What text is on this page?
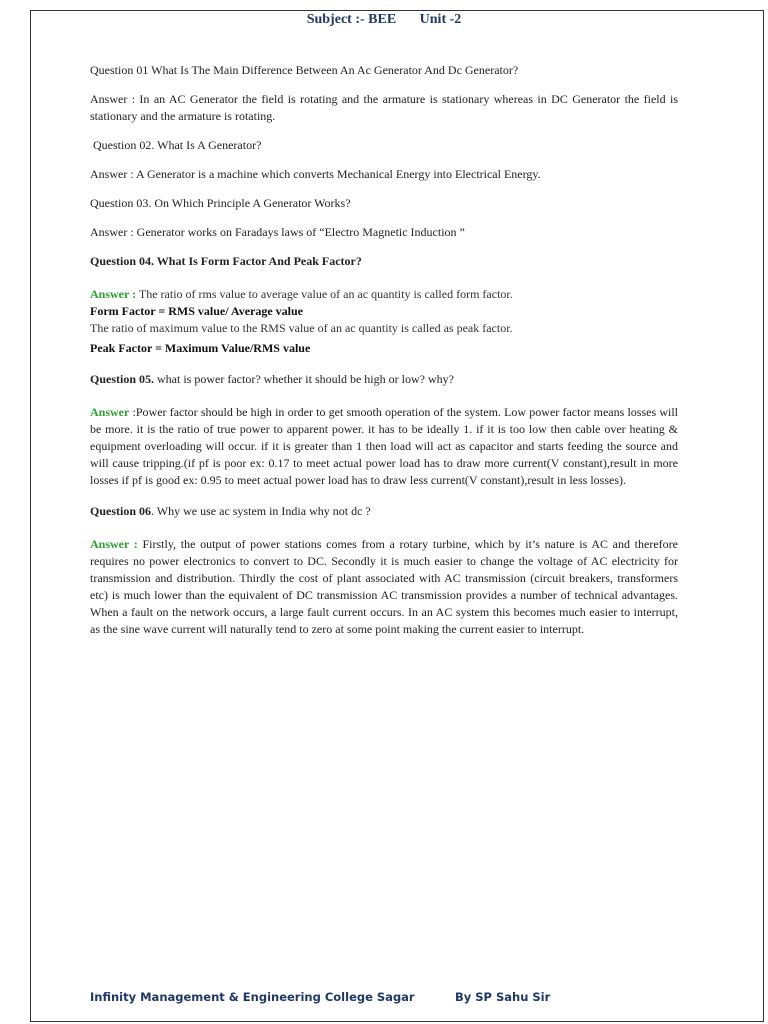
Subject :- BEE Unit -2

Question 01 What Is The Main Difference Between An Ac Generator And Dc Generator?

Answer : In an AC Generator the field is rotating and the armature is stationary whereas in DC Generator the field is stationary and the armature is rotating.

Question 02. What Is A Generator?

Answer : A Generator is a machine which converts Mechanical Energy into Electrical Energy.

Question 03. On Which Principle A Generator Works?

Answer : Generator works on Faradays laws of “Electro Magnetic Induction ”

Question 04. What Is Form Factor And Peak Factor?

Answer : The ratio of rms value to average value of an ac quantity is called form factor.
Form Factor = RMS value/ Average value
The ratio of maximum value to the RMS value of an ac quantity is called as peak factor.
Peak Factor = Maximum Value/RMS value

Question 05. what is power factor? whether it should be high or low? why?

Answer :Power factor should be high in order to get smooth operation of the system. Low power factor means losses will be more. it is the ratio of true power to apparent power. it has to be ideally 1. if it is too low then cable over heating & equipment overloading will occur. if it is greater than 1 then load will act as capacitor and starts feeding the source and will cause tripping.(if pf is poor ex: 0.17 to meet actual power load has to draw more current(V constant),result in more losses if pf is good ex: 0.95 to meet actual power load has to draw less current(V constant),result in less losses).

Question 06. Why we use ac system in India why not dc ?

Answer : Firstly, the output of power stations comes from a rotary turbine, which by it’s nature is AC and therefore requires no power electronics to convert to DC. Secondly it is much easier to change the voltage of AC electricity for transmission and distribution. Thirdly the cost of plant associated with AC transmission (circuit breakers, transformers etc) is much lower than the equivalent of DC transmission AC transmission provides a number of technical advantages. When a fault on the network occurs, a large fault current occurs. In an AC system this becomes much easier to interrupt, as the sine wave current will naturally tend to zero at some point making the current easier to interrupt.

Infinity Management & Engineering College Sagar	By SP Sahu Sir
